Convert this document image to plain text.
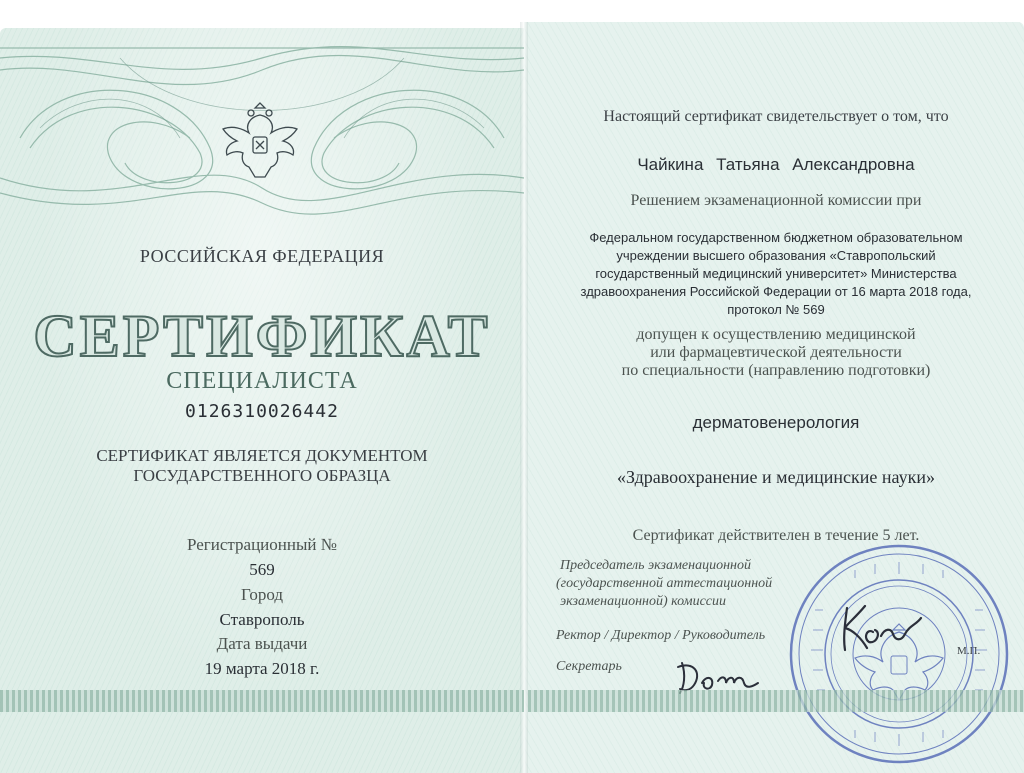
РОССИЙСКАЯ ФЕДЕРАЦИЯ
СЕРТИФИКАТ
СПЕЦИАЛИСТА
0126310026442
СЕРТИФИКАТ ЯВЛЯЕТСЯ ДОКУМЕНТОМ
ГОСУДАРСТВЕННОГО ОБРАЗЦА
Регистрационный №
569
Город
Ставрополь
Дата выдачи
19 марта 2018 г.
Настоящий сертификат свидетельствует о том, что
Чайкина Татьяна Александровна
Решением экзаменационной комиссии при
Федеральном государственном бюджетном образовательном
учреждении высшего образования «Ставропольский
государственный медицинский университет» Министерства
здравоохранения Российской Федерации от 16 марта 2018 года,
протокол № 569
допущен к осуществлению медицинской
или фармацевтической деятельности
по специальности (направлению подготовки)
дерматовенерология
«Здравоохранение и медицинские науки»
Сертификат действителен в течение 5 лет.
Председатель экзаменационной
(государственной аттестационной
экзаменационной) комиссии
Ректор / Директор / Руководитель
Секретарь
М.П.
